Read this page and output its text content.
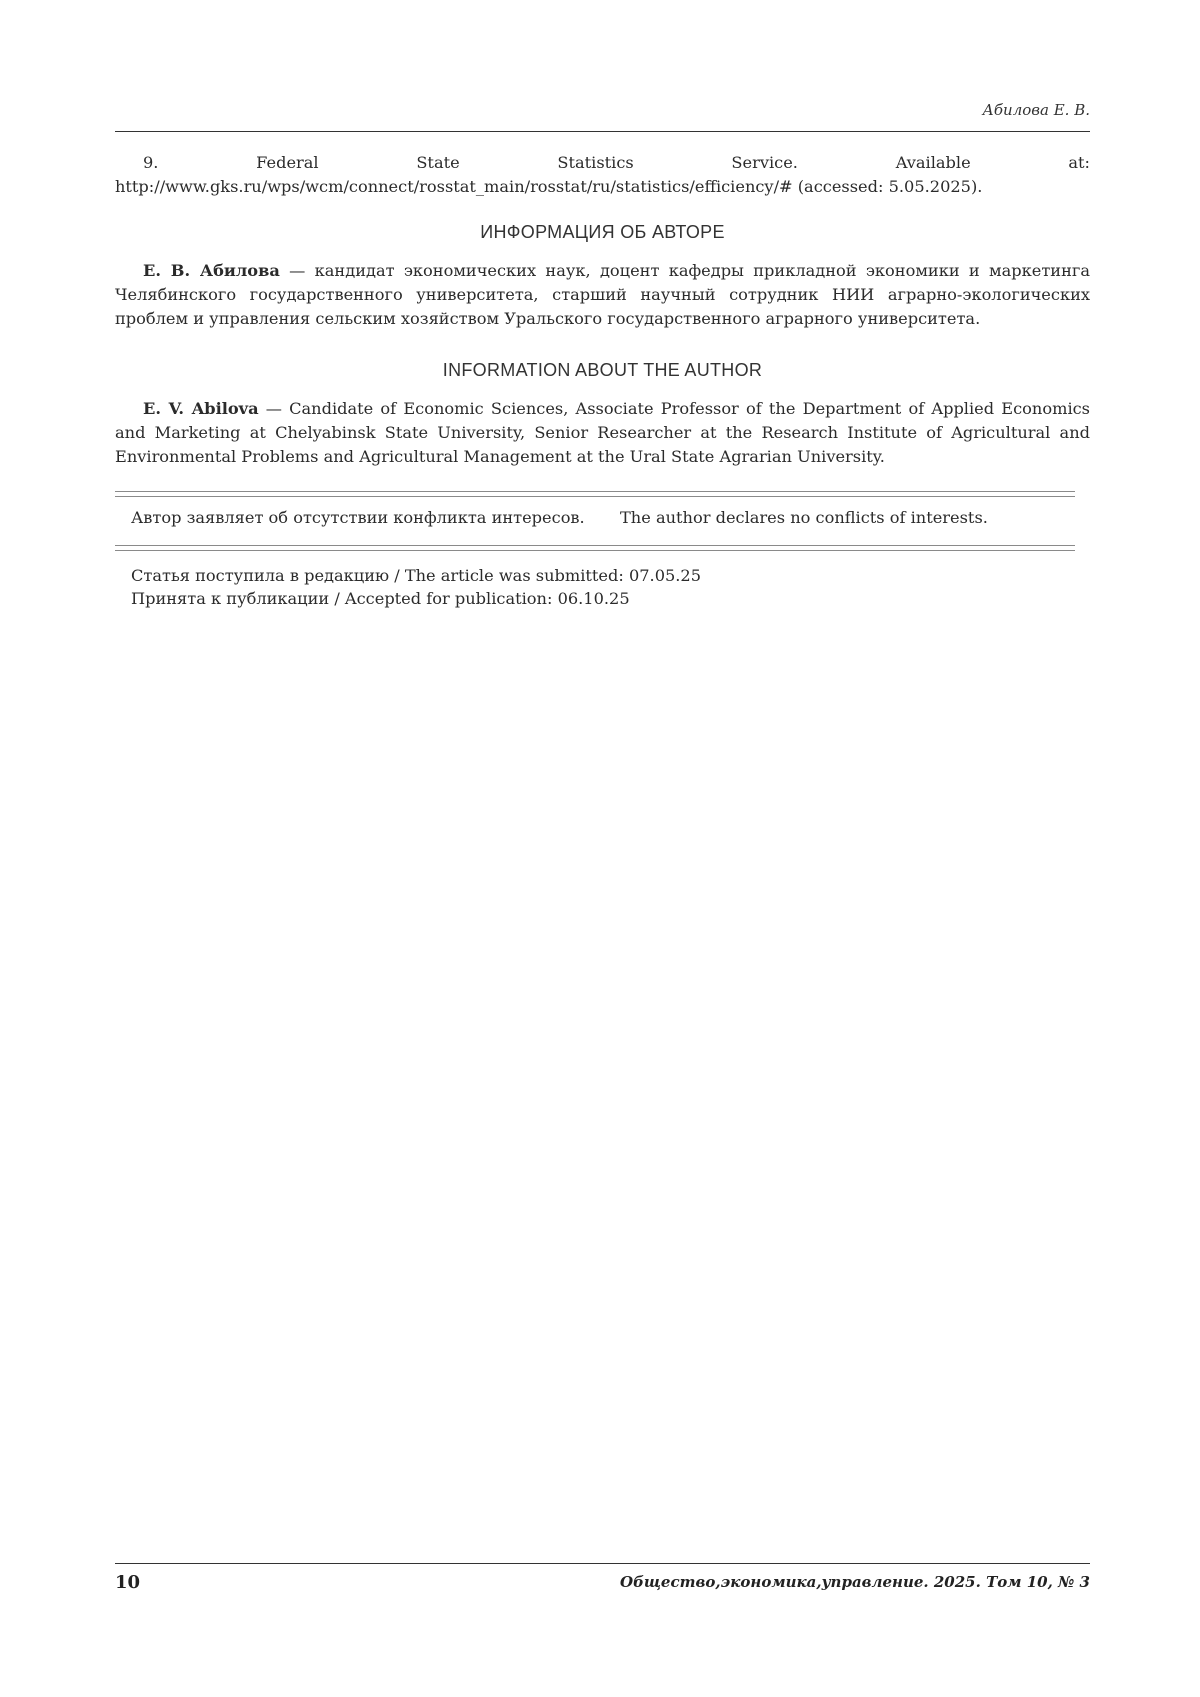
Абилова Е. В.
9. Federal State Statistics Service. Available at: http://www.gks.ru/wps/wcm/connect/rosstat_main/rosstat/ru/statistics/efficiency/# (accessed: 5.05.2025).
ИНФОРМАЦИЯ ОБ АВТОРЕ
Е. В. Абилова — кандидат экономических наук, доцент кафедры прикладной экономики и маркетинга Челябинского государственного университета, старший научный сотрудник НИИ аграрно-экологических проблем и управления сельским хозяйством Уральского государственного аграрного университета.
INFORMATION ABOUT THE AUTHOR
E. V. Abilova — Candidate of Economic Sciences, Associate Professor of the Department of Applied Economics and Marketing at Chelyabinsk State University, Senior Researcher at the Research Institute of Agricultural and Environmental Problems and Agricultural Management at the Ural State Agrarian University.
Автор заявляет об отсутствии конфликта интересов. The author declares no conflicts of interests.
Статья поступила в редакцию / The article was submitted: 07.05.25
Принята к публикации / Accepted for publication: 06.10.25
10	Общество,экономика,управление. 2025. Том 10, № 3
